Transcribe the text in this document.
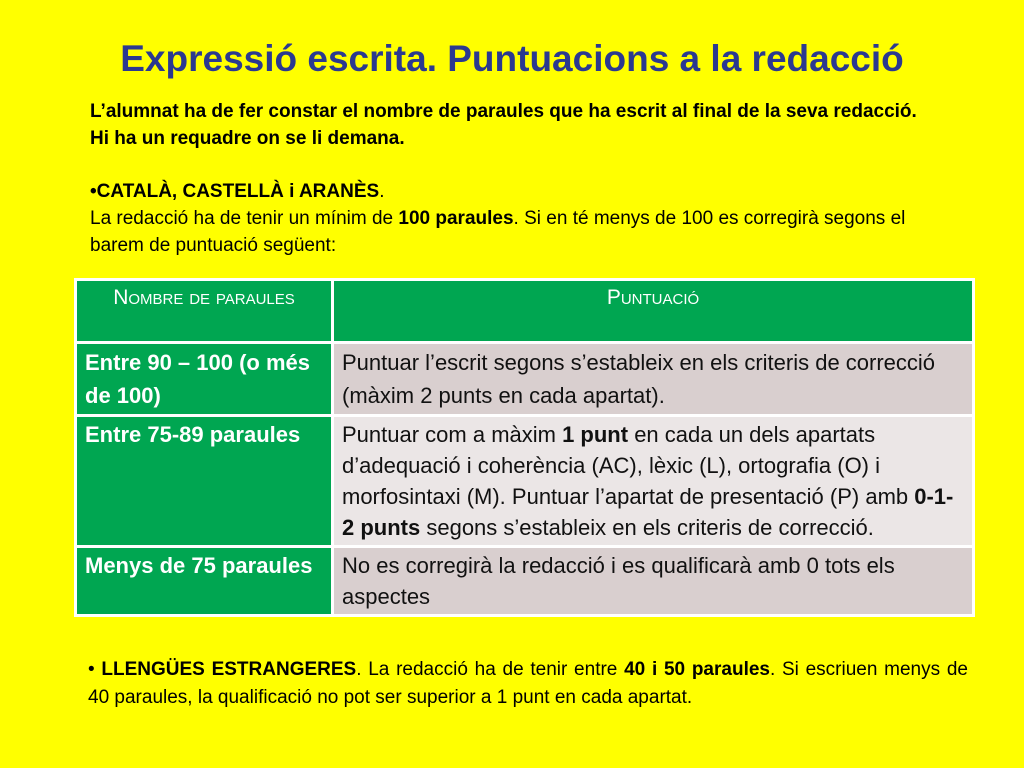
Expressió escrita. Puntuacions a la redacció
L’alumnat ha de fer constar el nombre de paraules que ha escrit al final de la seva redacció. Hi ha un requadre on se li demana.
•CATALÀ, CASTELLÀ i ARANÈS.
La redacció ha de tenir un mínim de 100 paraules. Si en té menys de 100 es corregirà segons el barem de puntuació següent:
Nombre de paraules	Puntuació
Entre 90 – 100 (o més de 100)	Puntuar l’escrit segons s’estableix en els criteris de correcció (màxim 2 punts en cada apartat).
Entre 75-89 paraules	Puntuar com a màxim 1 punt en cada un dels apartats d’adequació i coherència (AC), lèxic (L), ortografia (O) i morfosintaxi (M). Puntuar l’apartat de presentació (P) amb 0-1-2 punts segons s’estableix en els criteris de correcció.
Menys de 75 paraules	No es corregirà la redacció i es qualificarà amb 0 tots els aspectes
• LLENGÜES ESTRANGERES. La redacció ha de tenir entre 40 i 50 paraules. Si escriuen menys de 40 paraules, la qualificació no pot ser superior a 1 punt en cada apartat.
